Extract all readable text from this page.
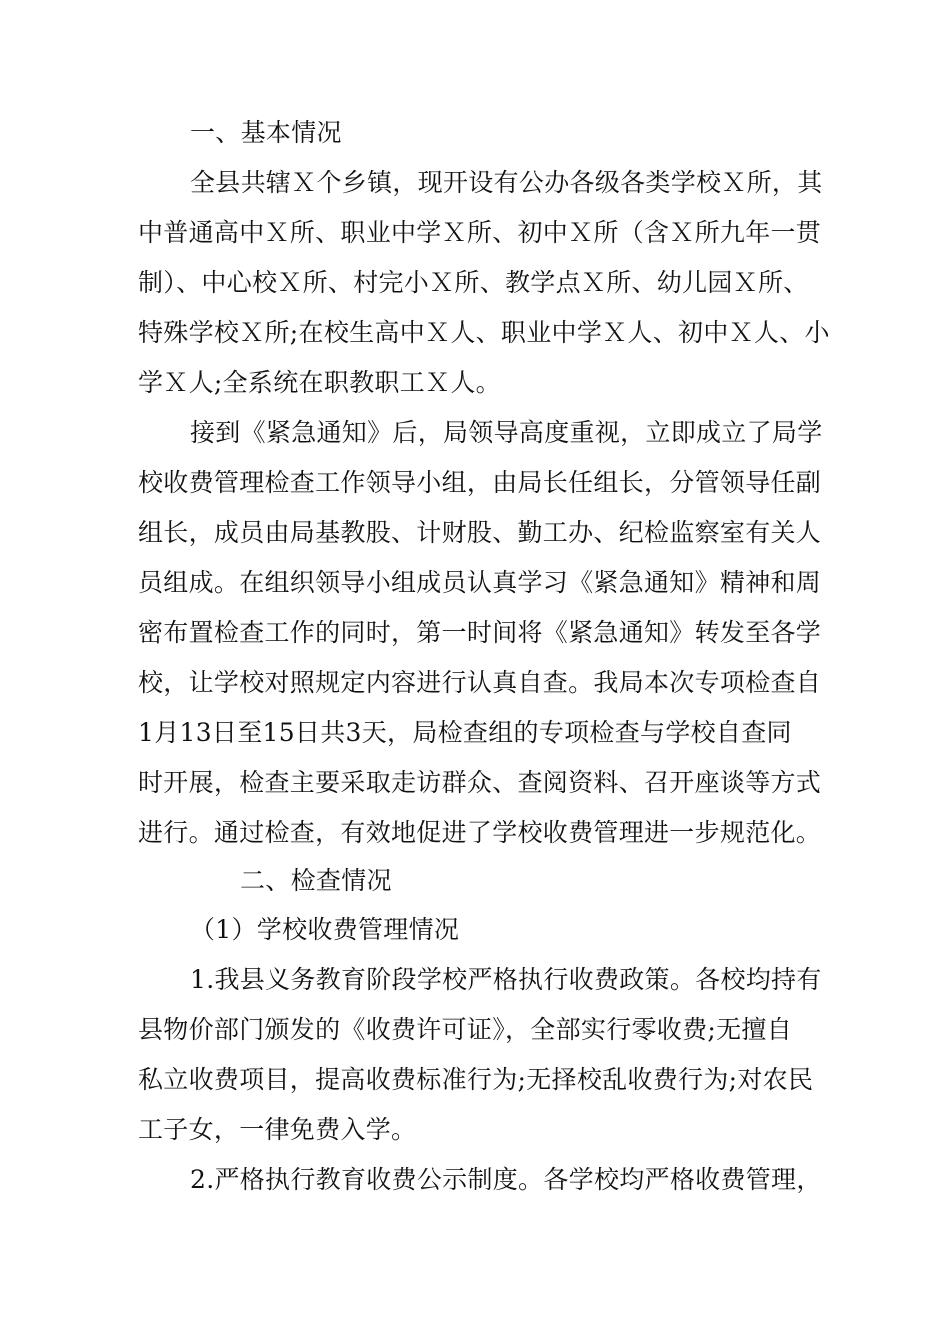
一、基本情况
全县共辖Ｘ个乡镇，现开设有公办各级各类学校Ｘ所，其
中普通高中Ｘ所、职业中学Ｘ所、初中Ｘ所（含Ｘ所九年一贯
制）、中心校Ｘ所、村完小Ｘ所、教学点Ｘ所、幼儿园Ｘ所、
特殊学校Ｘ所;在校生高中Ｘ人、职业中学Ｘ人、初中Ｘ人、小
学Ｘ人;全系统在职教职工Ｘ人。
接到《紧急通知》后，局领导高度重视，立即成立了局学
校收费管理检查工作领导小组，由局长任组长，分管领导任副
组长，成员由局基教股、计财股、勤工办、纪检监察室有关人
员组成。在组织领导小组成员认真学习《紧急通知》精神和周
密布置检查工作的同时，第一时间将《紧急通知》转发至各学
校，让学校对照规定内容进行认真自查。我局本次专项检查自
1月13日至15日共3天，局检查组的专项检查与学校自查同
时开展，检查主要采取走访群众、查阅资料、召开座谈等方式
进行。通过检查，有效地促进了学校收费管理进一步规范化。
二、检查情况
（1）学校收费管理情况
1.我县义务教育阶段学校严格执行收费政策。各校均持有
县物价部门颁发的《收费许可证》，全部实行零收费;无擅自
私立收费项目，提高收费标准行为;无择校乱收费行为;对农民
工子女，一律免费入学。
2.严格执行教育收费公示制度。各学校均严格收费管理，
